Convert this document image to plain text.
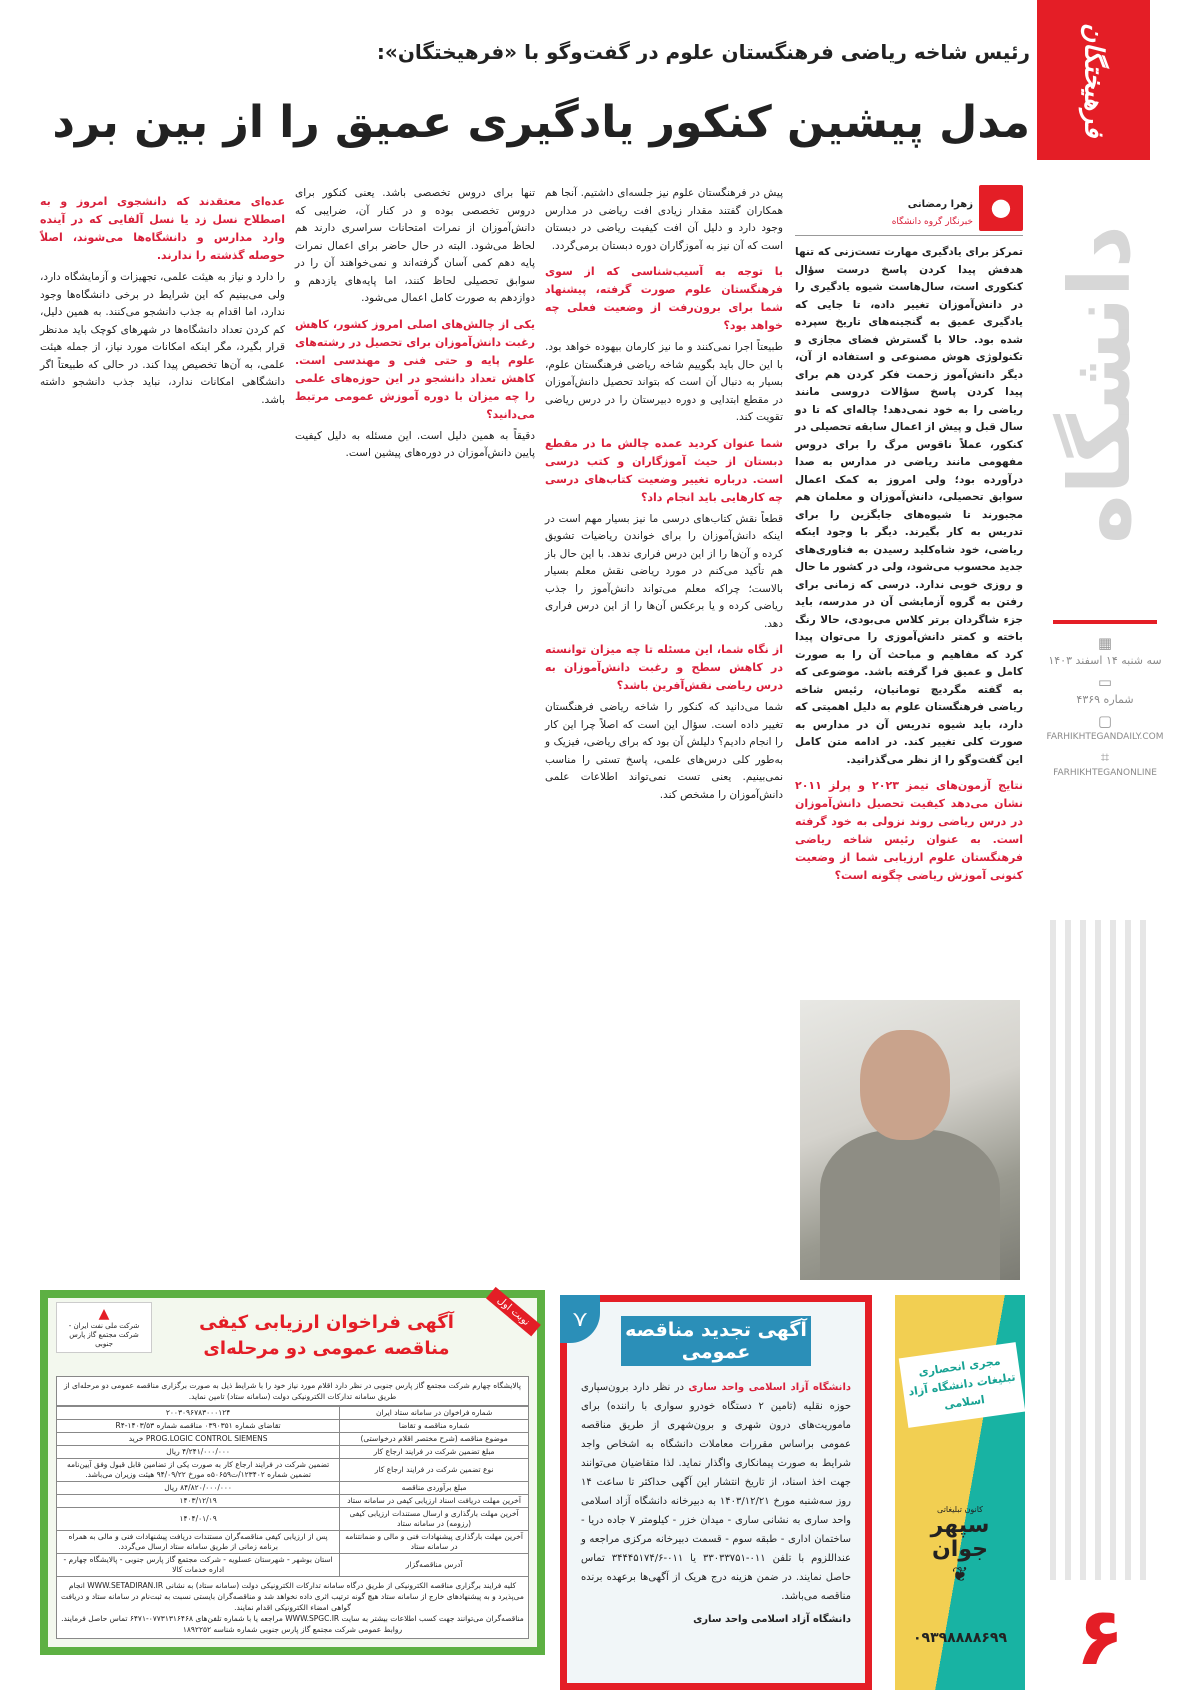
فرهیختگان
دانشگاه
▦
سه شنبه ۱۴ اسفند ۱۴۰۳
▭
شماره ۴۳۶۹
▢
FARHIKHTEGANDAILY.COM
⌗
FARHIKHTEGANONLINE
۶
رئیس شاخه ریاضی فرهنگستان علوم در گفت‌وگو با «فرهیختگان»:
مدل پیشین کنکور یادگیری عمیق را از بین برد
●
زهرا رمضانی
خبرنگار گروه دانشگاه

تمرکز برای یادگیری مهارت تست‌زنی که تنها هدفش پیدا کردن پاسخ درست سؤال کنکوری است، سال‌هاست شیوه یادگیری را در دانش‌آموزان تغییر داده، تا جایی که یادگیری عمیق به گنجینه‌های تاریخ سپرده شده بود. حالا با گسترش فضای مجازی و تکنولوژی هوش مصنوعی و استفاده از آن، دیگر دانش‌آموز زحمت فکر کردن هم برای پیدا کردن پاسخ سؤالات دروسی مانند ریاضی را به خود نمی‌دهد! چاله‌ای که تا دو سال قبل و پیش از اعمال سابقه تحصیلی در کنکور، عملاً ناقوس مرگ را برای دروس مفهومی مانند ریاضی در مدارس به صدا درآورده بود؛ ولی امروز به کمک اعمال سوابق تحصیلی، دانش‌آموزان و معلمان هم مجبورند تا شیوه‌های جایگزین را برای تدریس به کار بگیرند. دیگر با وجود اینکه ریاضی، خود شاه‌کلید رسیدن به فناوری‌های جدید محسوب می‌شود، ولی در کشور ما حال و روزی خوبی ندارد. درسی که زمانی برای رفتن به گروه آزمایشی آن در مدرسه، باید جزء شاگردان برتر کلاس می‌بودی، حالا رنگ باخته و کمتر دانش‌آموزی را می‌توان پیدا کرد که مفاهیم و مباحث آن را به صورت کامل و عمیق فرا گرفته باشد. موضوعی که به گفته مگردیچ تومانیان، رئیس شاخه ریاضی فرهنگستان علوم به دلیل اهمیتی که دارد، باید شیوه تدریس آن در مدارس به صورت کلی تغییر کند. در ادامه متن کامل این گفت‌وگو را از نظر می‌گذرانید.

نتایج آزمون‌های تیمز ۲۰۲۳ و پرلز ۲۰۱۱ نشان می‌دهد کیفیت تحصیل دانش‌آموزان در درس ریاضی روند نزولی به خود گرفته است. به عنوان رئیس شاخه ریاضی فرهنگستان علوم ارزیابی شما از وضعیت کنونی آموزش ریاضی چگونه است؟

پیش در فرهنگستان علوم نیز جلسه‌ای داشتیم. آنجا هم همکاران گفتند مقدار زیادی افت ریاضی در مدارس وجود دارد و دلیل آن افت کیفیت ریاضی در دبستان است که آن نیز به آموزگاران دوره دبستان برمی‌گردد.

با توجه به آسیب‌شناسی که از سوی فرهنگستان علوم صورت گرفته، پیشنهاد شما برای برون‌رفت از وضعیت فعلی چه خواهد بود؟

طبیعتاً اجرا نمی‌کنند و ما نیز کارمان بیهوده خواهد بود. با این حال باید بگوییم شاخه ریاضی فرهنگستان علوم، بسیار به دنبال آن است که بتواند تحصیل دانش‌آموزان در مقطع ابتدایی و دوره دبیرستان را در درس ریاضی تقویت کند.

شما عنوان کردید عمده چالش ما در مقطع دبستان از حیث آموزگاران و کتب درسی است. درباره تغییر وضعیت کتاب‌های درسی چه کارهایی باید انجام داد؟

قطعاً نقش کتاب‌های درسی ما نیز بسیار مهم است در اینکه دانش‌آموزان را برای خواندن ریاضیات تشویق کرده و آن‌ها را از این درس فراری ندهد. با این حال باز هم تأکید می‌کنم در مورد ریاضی نقش معلم بسیار بالاست؛ چراکه معلم می‌تواند دانش‌آموز را جذب ریاضی کرده و یا برعکس آن‌ها را از این درس فراری دهد.

از نگاه شما، این مسئله تا چه میزان توانسته در کاهش سطح و رغبت دانش‌آموزان به درس ریاضی نقش‌آفرین باشد؟

شما می‌دانید که کنکور را شاخه ریاضی فرهنگستان تغییر داده است. سؤال این است که اصلاً چرا این کار را انجام دادیم؟ دلیلش آن بود که برای ریاضی، فیزیک و به‌طور کلی درس‌های علمی، پاسخ تستی را مناسب نمی‌بینیم. یعنی تست نمی‌تواند اطلاعات علمی دانش‌آموزان را مشخص کند.

تنها برای دروس تخصصی باشد. یعنی کنکور برای دروس تخصصی بوده و در کنار آن، ضرایبی که دانش‌آموزان از نمرات امتحانات سراسری دارند هم لحاظ می‌شود. البته در حال حاضر برای اعمال نمرات پایه دهم کمی آسان گرفته‌اند و نمی‌خواهند آن را در سوابق تحصیلی لحاظ کنند، اما پایه‌های یازدهم و دوازدهم به صورت کامل اعمال می‌شود.

یکی از چالش‌های اصلی امروز کشور، کاهش رغبت دانش‌آموزان برای تحصیل در رشته‌های علوم پایه و حتی فنی و مهندسی است. کاهش تعداد دانشجو در این حوزه‌های علمی را چه میزان با دوره آموزش عمومی مرتبط می‌دانید؟

دقیقاً به همین دلیل است. این مسئله به دلیل کیفیت پایین دانش‌آموزان در دوره‌های پیشین است.

عده‌ای معتقدند که دانشجوی امروز و به اصطلاح نسل زد یا نسل آلفایی که در آینده وارد مدارس و دانشگاه‌ها می‌شوند، اصلاً حوصله گذشته را ندارند.

را دارد و نیاز به هیئت علمی، تجهیزات و آزمایشگاه دارد، ولی می‌بینیم که این شرایط در برخی دانشگاه‌ها وجود ندارد، اما اقدام به جذب دانشجو می‌کنند. به همین دلیل، کم کردن تعداد دانشگاه‌ها در شهرهای کوچک باید مدنظر قرار بگیرد، مگر اینکه امکانات مورد نیاز، از جمله هیئت علمی، به آن‌ها تخصیص پیدا کند. در حالی که طبیعتاً اگر دانشگاهی امکانات ندارد، نباید جذب دانشجو داشته باشد.

▲
شرکت ملی نفت ایران - شرکت مجتمع گاز پارس جنوبی
نوبت اول
آگهی فراخوان ارزیابی کیفی مناقصه عمومی دو مرحله‌ای
پالایشگاه چهارم شرکت مجتمع گاز پارس جنوبی در نظر دارد اقلام مورد نیاز خود را با شرایط ذیل به صورت برگزاری مناقصه عمومی دو مرحله‌ای از طریق سامانه تدارکات الکترونیکی دولت (سامانه ستاد) تامین نماید.
شماره فراخوان در سامانه ستاد ایران	۲۰۰۳۰۹۶۷۸۳۰۰۰۱۲۴
شماره مناقصه و تقاضا	تقاضای شماره ۰۳۹۰۳۵۱ مناقصه شماره ۱۴۰۳/۵۳-R۴
موضوع مناقصه (شرح مختصر اقلام درخواستی)	PROG.LOGIC CONTROL SIEMENS خرید
مبلغ تضمین شرکت در فرایند ارجاع کار	۴/۲۴۱/۰۰۰/۰۰۰ ریال
نوع تضمین شرکت در فرایند ارجاع کار	تضمین شرکت در فرایند ارجاع کار به صورت یکی از تضامین قابل قبول وفق آیین‌نامه تضمین شماره ۱۲۳۴۰۲/ت۵۰۶۵۹ه مورخ ۹۴/۰۹/۲۲ هیئت وزیران می‌باشد.
مبلغ برآوردی مناقصه	۸۴/۸۲۰/۰۰۰/۰۰۰ ریال
آخرین مهلت دریافت اسناد ارزیابی کیفی در سامانه ستاد	۱۴۰۳/۱۲/۱۹
آخرین مهلت بارگذاری و ارسال مستندات ارزیابی کیفی (رزومه) در سامانه ستاد	۱۴۰۴/۰۱/۰۹
آخرین مهلت بارگذاری پیشنهادات فنی و مالی و ضمانتنامه در سامانه ستاد	پس از ارزیابی کیفی مناقصه‌گران مستندات دریافت پیشنهادات فنی و مالی به همراه برنامه زمانی از طریق سامانه ستاد ارسال می‌گردد.
آدرس مناقصه‌گزار	استان بوشهر - شهرستان عسلویه - شرکت مجتمع گاز پارس جنوبی - پالایشگاه چهارم - اداره خدمات کالا
کلیه فرایند برگزاری مناقصه الکترونیکی از طریق درگاه سامانه تدارکات الکترونیکی دولت (سامانه ستاد) به نشانی WWW.SETADIRAN.IR انجام می‌پذیرد و به پیشنهادهای خارج از سامانه ستاد هیچ گونه ترتیب اثری داده نخواهد شد و مناقصه‌گران بایستی نسبت به ثبت‌نام در سامانه ستاد و دریافت گواهی امضاء الکترونیکی اقدام نمایند.
مناقصه‌گران می‌توانند جهت کسب اطلاعات بیشتر به سایت WWW.SPGC.IR مراجعه یا با شماره تلفن‌های ۰۷۷۳۱۳۱۶۴۶۸-۶۴۷۱ تماس حاصل فرمایند.
روابط عمومی شرکت مجتمع گاز پارس جنوبی شماره شناسه ۱۸۹۲۲۵۲
⋎	آگهی تجدید مناقصه عمومی

دانشگاه آزاد اسلامی واحد ساری در نظر دارد برون‌سپاری حوزه نقلیه (تامین ۲ دستگاه خودرو سواری با راننده) برای ماموریت‌های درون شهری و برون‌شهری از طریق مناقصه عمومی براساس مقررات معاملات دانشگاه به اشخاص واجد شرایط به صورت پیمانکاری واگذار نماید. لذا متقاضیان می‌توانند جهت اخذ اسناد، از تاریخ انتشار این آگهی حداکثر تا ساعت ۱۴ روز سه‌شنبه مورخ ۱۴۰۳/۱۲/۲۱ به دبیرخانه دانشگاه آزاد اسلامی واحد ساری به نشانی ساری - میدان خزر - کیلومتر ۷ جاده دریا - ساختمان اداری - طبقه سوم - قسمت دبیرخانه مرکزی مراجعه و عنداللزوم با تلفن ۰۱۱-۳۳۰۳۳۷۵۱ یا ۰۱۱-۳۴۴۴۵۱۷۴/۶ تماس حاصل نمایند. در ضمن هزینه درج هریک از آگهی‌ها برعهده برنده مناقصه می‌باشد.

دانشگاه آزاد اسلامی واحد ساری

مجری انحصاری تبلیغات دانشگاه آزاد اسلامی
کانون تبلیغاتی
سپهر جوان
❦
۰۹۳۹۸۸۸۸۶۹۹
